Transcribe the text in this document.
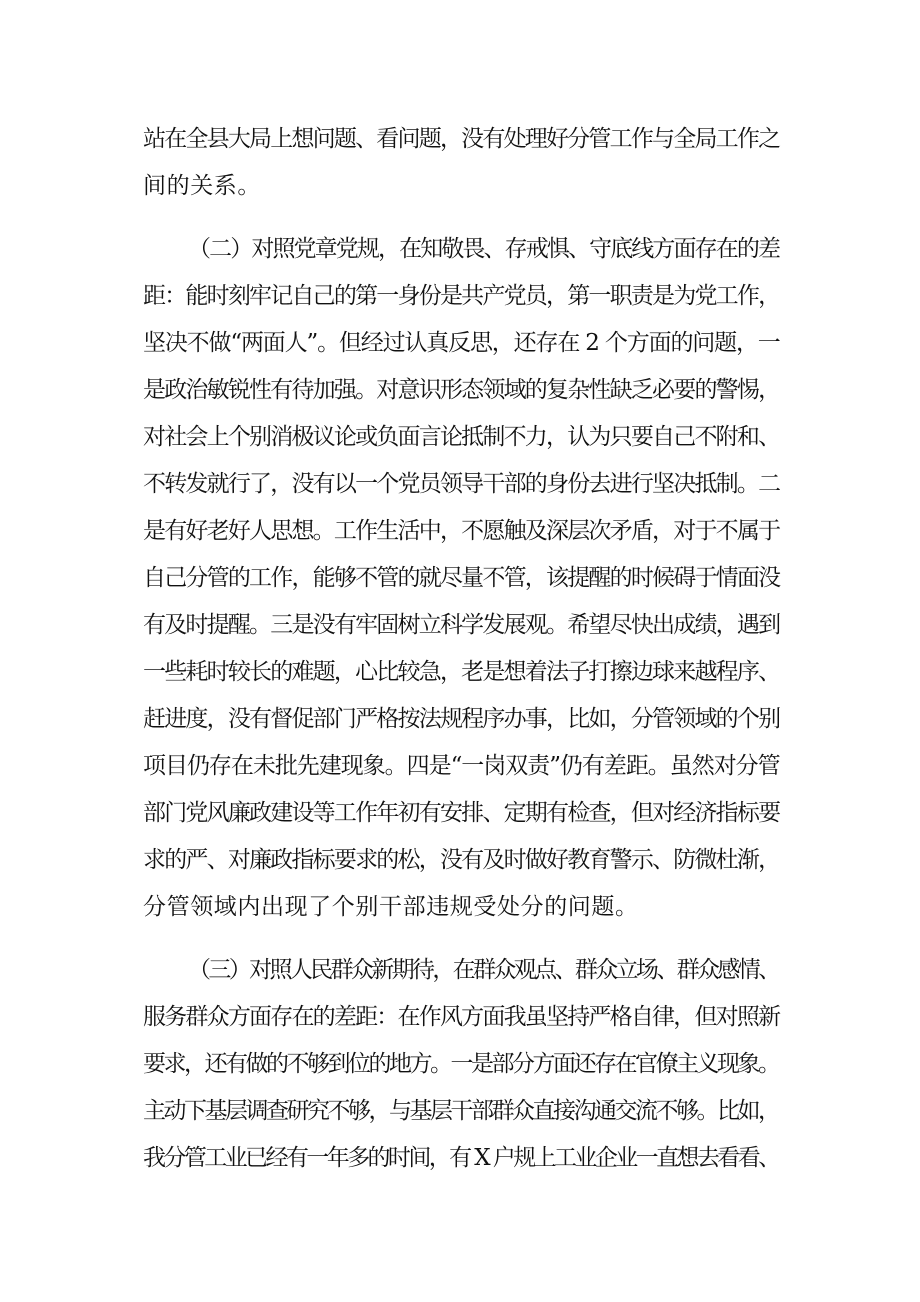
站在全县大局上想问题、看问题，没有处理好分管工作与全局工作之
间的关系。
（二）对照党章党规，在知敬畏、存戒惧、守底线方面存在的差
距：能时刻牢记自己的第一身份是共产党员，第一职责是为党工作，
坚决不做“两面人”。但经过认真反思，还存在 2 个方面的问题，一
是政治敏锐性有待加强。对意识形态领域的复杂性缺乏必要的警惕，
对社会上个别消极议论或负面言论抵制不力，认为只要自己不附和、
不转发就行了，没有以一个党员领导干部的身份去进行坚决抵制。二
是有好老好人思想。工作生活中，不愿触及深层次矛盾，对于不属于
自己分管的工作，能够不管的就尽量不管，该提醒的时候碍于情面没
有及时提醒。三是没有牢固树立科学发展观。希望尽快出成绩，遇到
一些耗时较长的难题，心比较急，老是想着法子打擦边球来越程序、
赶进度，没有督促部门严格按法规程序办事，比如，分管领域的个别
项目仍存在未批先建现象。四是“一岗双责”仍有差距。虽然对分管
部门党风廉政建设等工作年初有安排、定期有检查，但对经济指标要
求的严、对廉政指标要求的松，没有及时做好教育警示、防微杜渐，
分管领域内出现了个别干部违规受处分的问题。
（三）对照人民群众新期待，在群众观点、群众立场、群众感情、
服务群众方面存在的差距：在作风方面我虽坚持严格自律，但对照新
要求，还有做的不够到位的地方。一是部分方面还存在官僚主义现象。
主动下基层调查研究不够，与基层干部群众直接沟通交流不够。比如，
我分管工业已经有一年多的时间，有 X 户规上工业企业一直想去看看、
